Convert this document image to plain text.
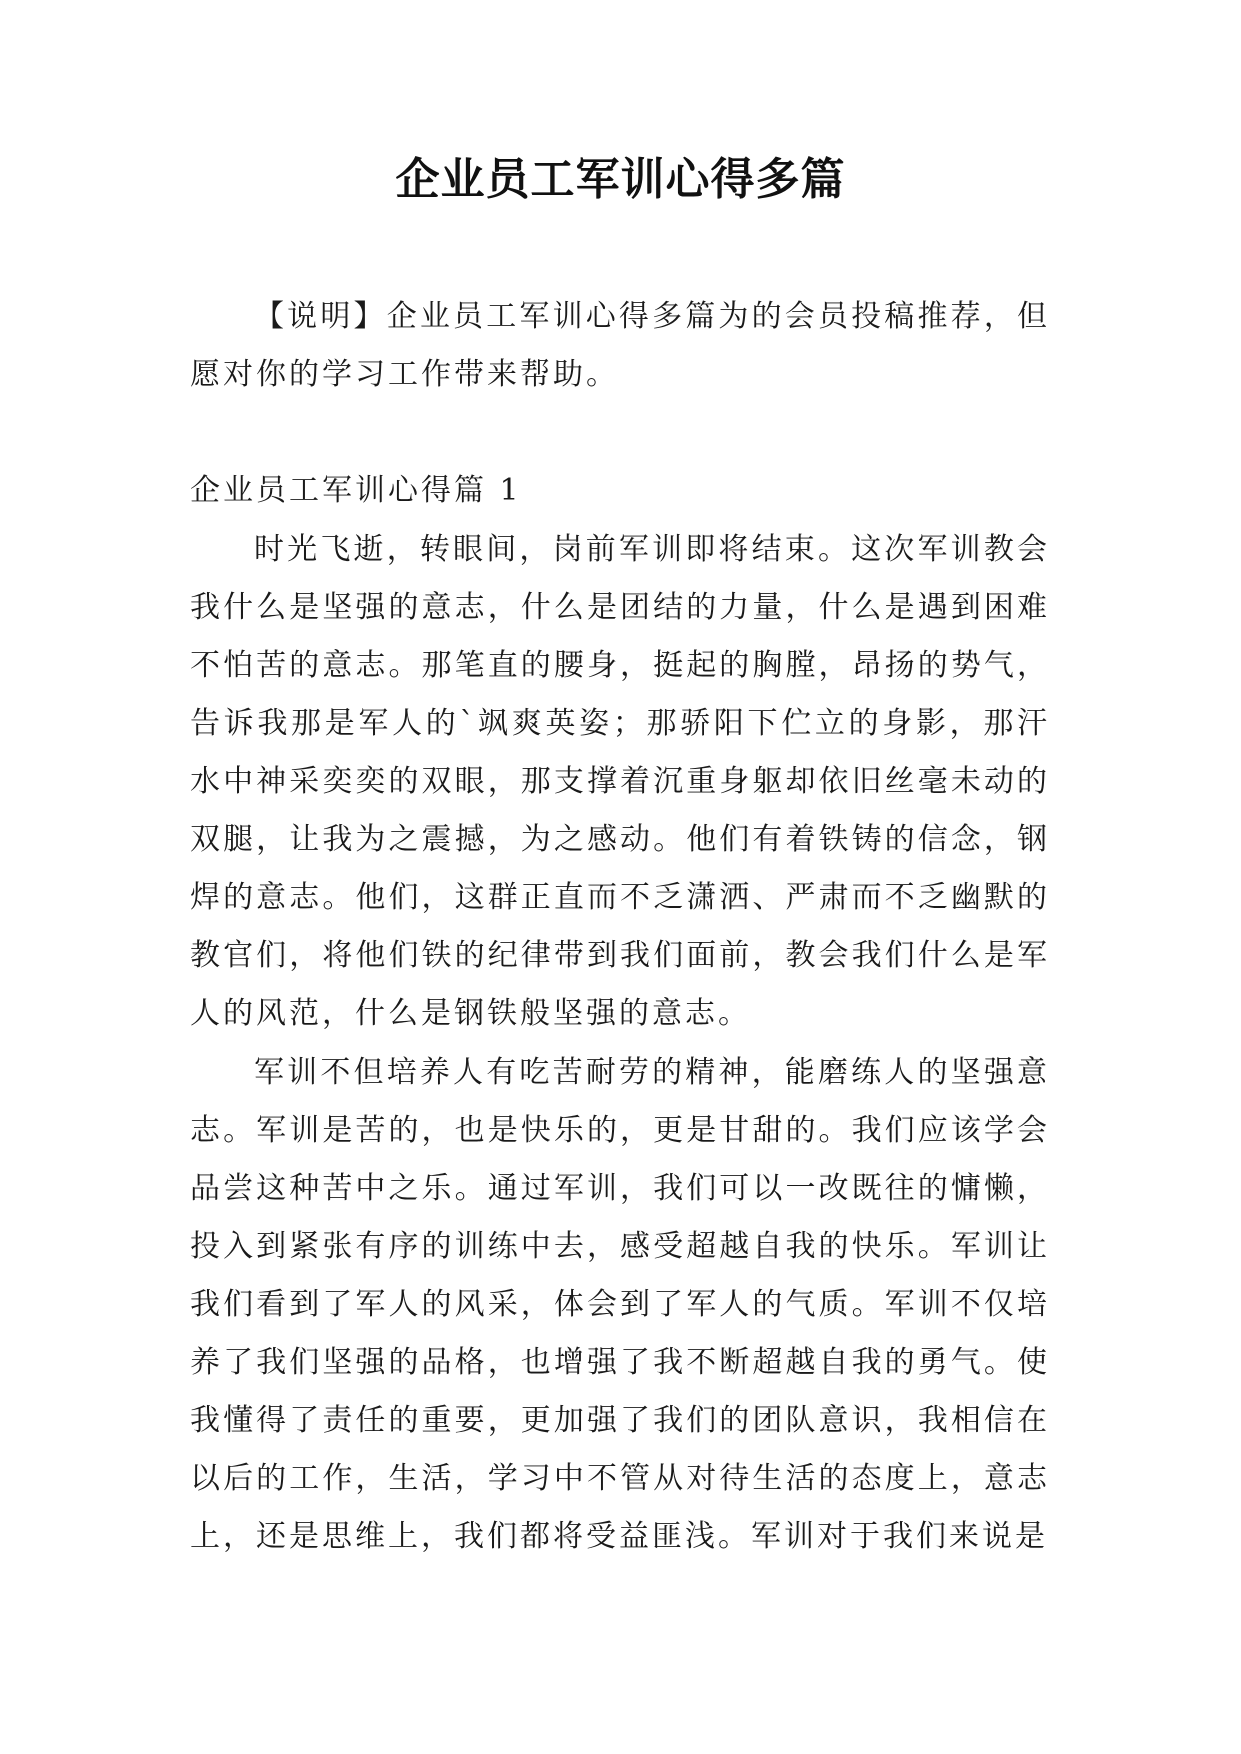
企业员工军训心得多篇

【说明】企业员工军训心得多篇为的会员投稿推荐，但愿对你的学习工作带来帮助。

企业员工军训心得篇 1

时光飞逝，转眼间，岗前军训即将结束。这次军训教会我什么是坚强的意志，什么是团结的力量，什么是遇到困难不怕苦的意志。那笔直的腰身，挺起的胸膛，昂扬的势气，告诉我那是军人的`飒爽英姿；那骄阳下伫立的身影，那汗水中神采奕奕的双眼，那支撑着沉重身躯却依旧丝毫未动的双腿，让我为之震撼，为之感动。他们有着铁铸的信念，钢焊的意志。他们，这群正直而不乏潇洒、严肃而不乏幽默的教官们，将他们铁的纪律带到我们面前，教会我们什么是军人的风范，什么是钢铁般坚强的意志。

军训不但培养人有吃苦耐劳的精神，能磨练人的坚强意志。军训是苦的，也是快乐的，更是甘甜的。我们应该学会品尝这种苦中之乐。通过军训，我们可以一改既往的慵懒，投入到紧张有序的训练中去，感受超越自我的快乐。军训让我们看到了军人的风采，体会到了军人的气质。军训不仅培养了我们坚强的品格，也增强了我不断超越自我的勇气。使我懂得了责任的重要，更加强了我们的团队意识，我相信在以后的工作，生活，学习中不管从对待生活的态度上，意志上，还是思维上，我们都将受益匪浅。军训对于我们来说是
